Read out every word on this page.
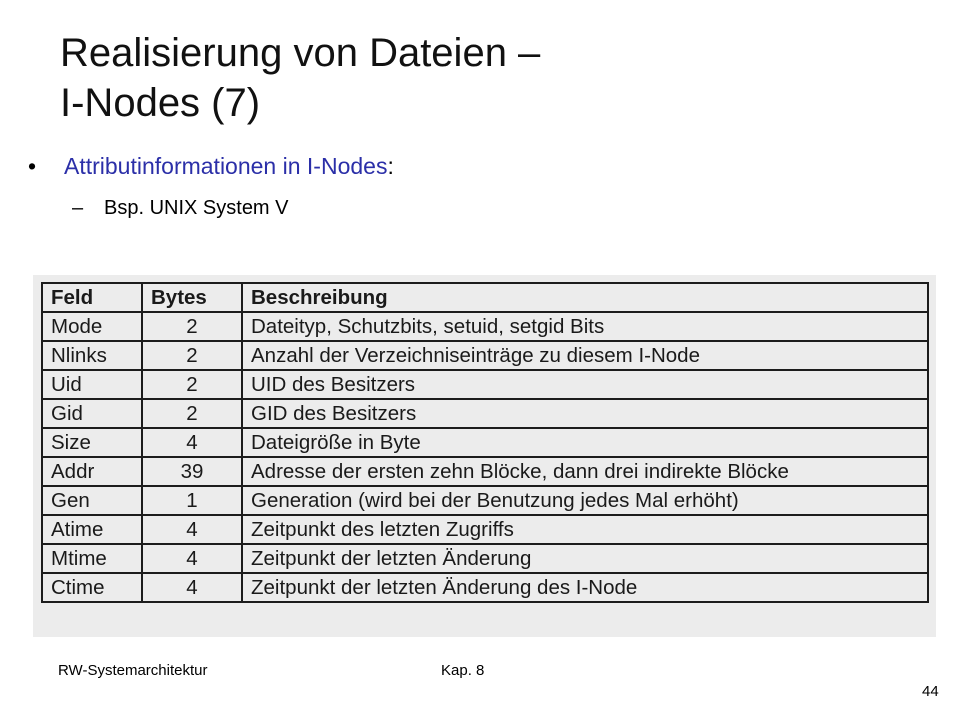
Realisierung von Dateien –
I-Nodes (7)
• Attributinformationen in I-Nodes:
– Bsp. UNIX System V
Feld	Bytes	Beschreibung
Mode	2	Dateityp, Schutzbits, setuid, setgid Bits
Nlinks	2	Anzahl der Verzeichniseinträge zu diesem I-Node
Uid	2	UID des Besitzers
Gid	2	GID des Besitzers
Size	4	Dateigröße in Byte
Addr	39	Adresse der ersten zehn Blöcke, dann drei indirekte Blöcke
Gen	1	Generation (wird bei der Benutzung jedes Mal erhöht)
Atime	4	Zeitpunkt des letzten Zugriffs
Mtime	4	Zeitpunkt der letzten Änderung
Ctime	4	Zeitpunkt der letzten Änderung des I-Node
RW-Systemarchitektur	Kap. 8
44
